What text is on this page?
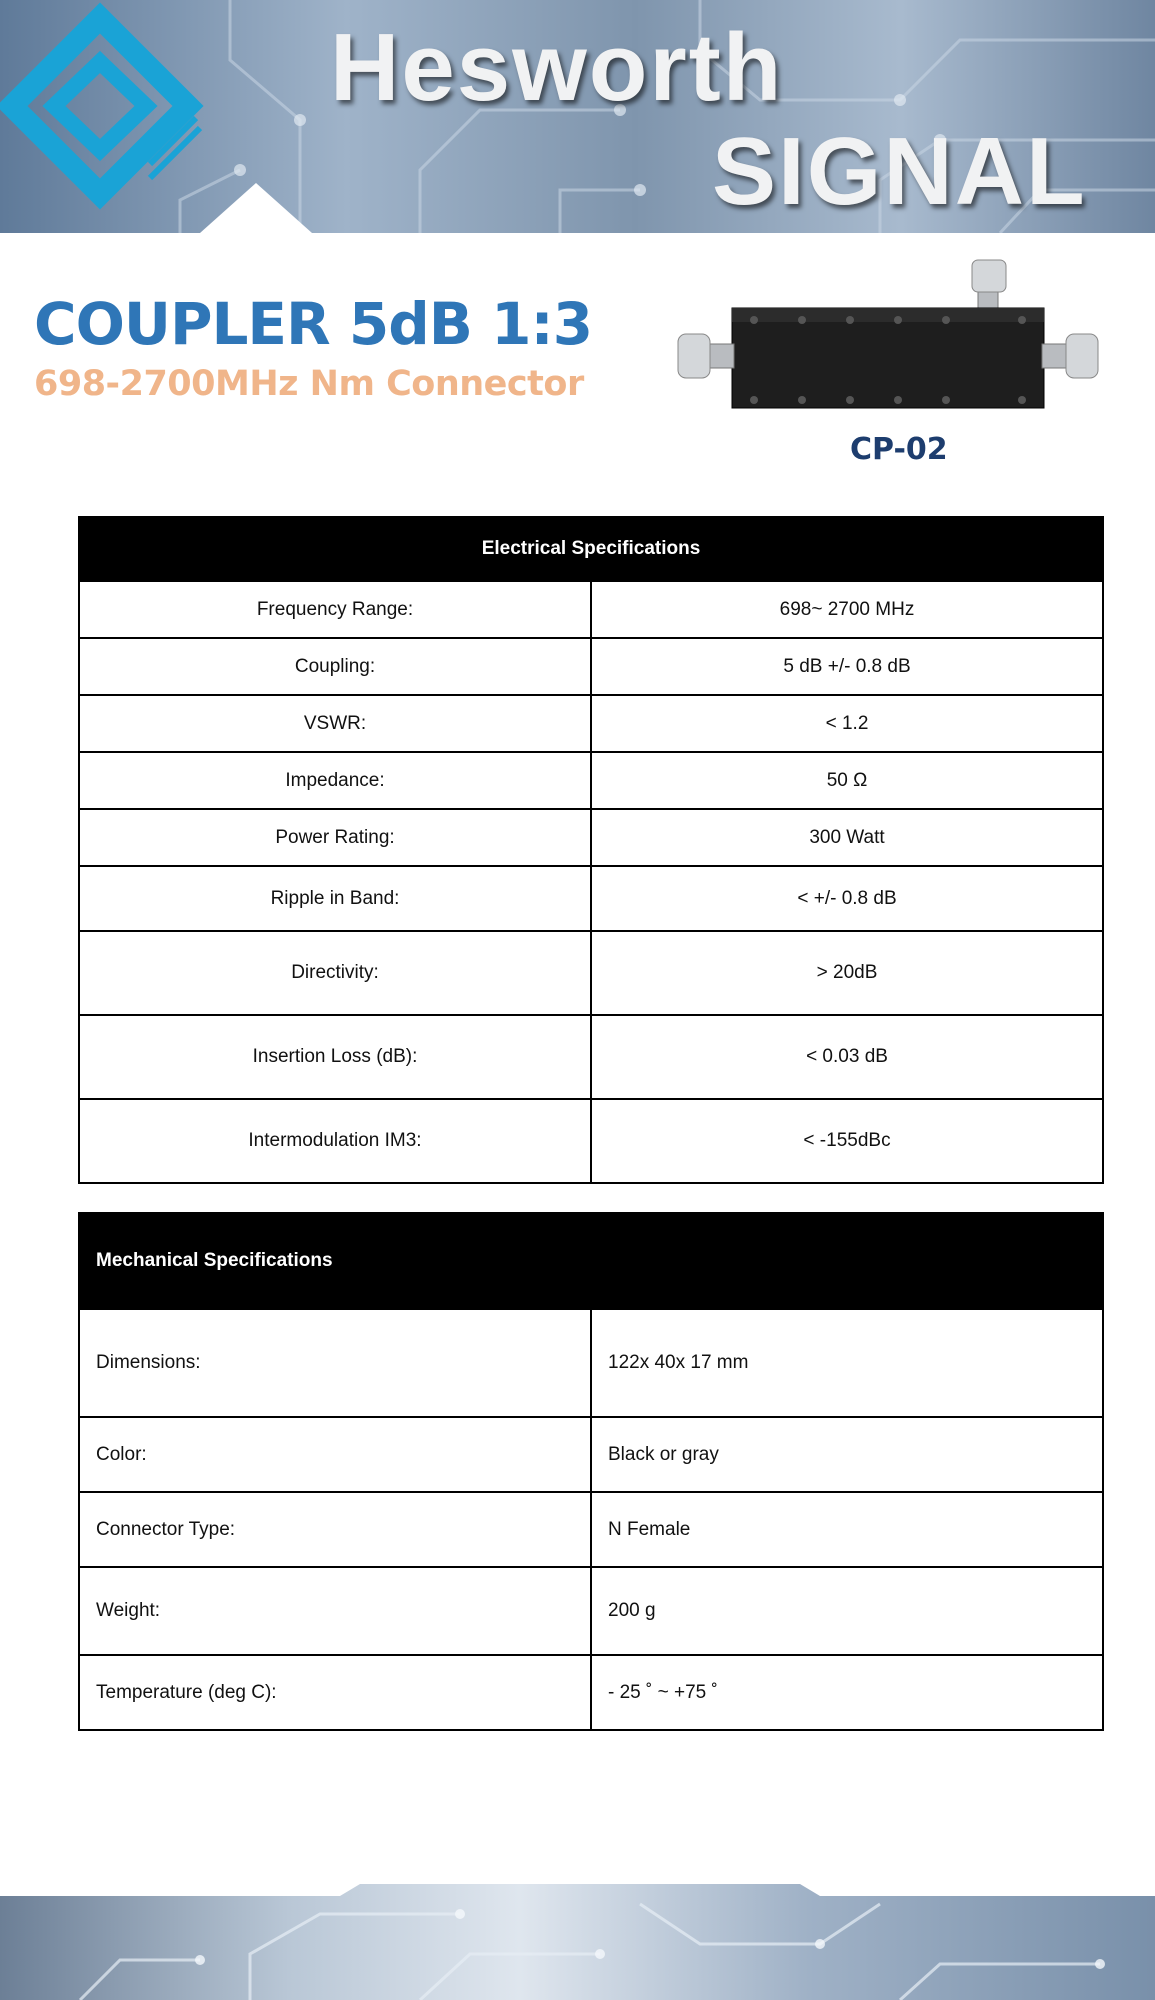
Hesworth
SIGNAL
COUPLER 5dB 1:3
698-2700MHz Nm Connector

CP-02

Electrical Specifications	
Frequency Range:	698~ 2700 MHz
Coupling:	5 dB +/- 0.8 dB
VSWR:	< 1.2
Impedance:	50 Ω
Power Rating:	300 Watt
Ripple in Band:	< +/- 0.8 dB
Directivity:	> 20dB
Insertion Loss (dB):	< 0.03 dB
Intermodulation IM3:	< -155dBc
Mechanical Specifications	
Dimensions:	122x 40x 17 mm
Color:	Black or gray
Connector Type:	N Female
Weight:	200 g
Temperature (deg C):	- 25 ˚ ~ +75 ˚
